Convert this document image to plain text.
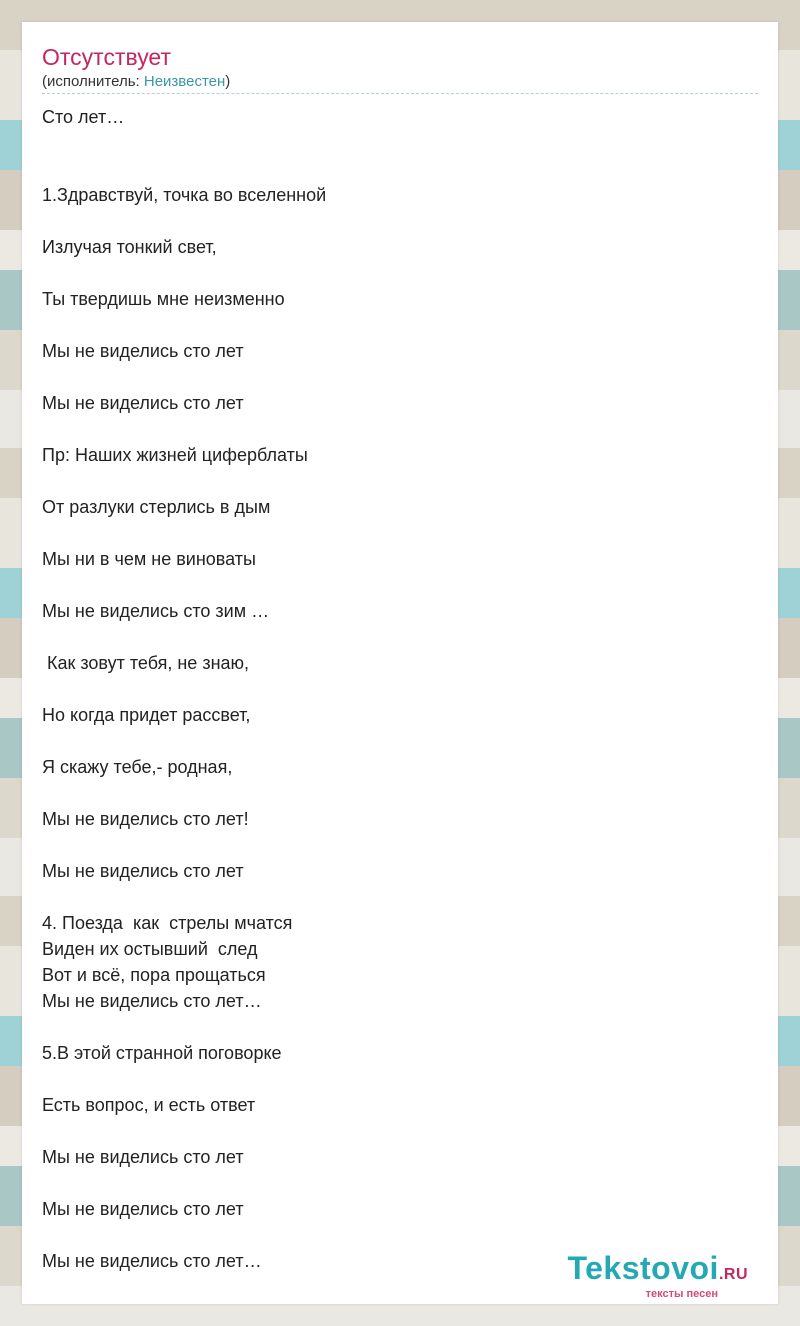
Отсутствует
(исполнитель: Неизвестен)
Сто лет…
1.Здравствуй, точка во вселенной
Излучая тонкий свет,
Ты твердишь мне неизменно
Мы не виделись сто лет
Мы не виделись сто лет
Пр: Наших жизней циферблаты
От разлуки стерлись в дым
Мы ни в чем не виноваты
Мы не виделись сто зим …
Как зовут тебя, не знаю,
Но когда придет рассвет,
Я скажу тебе,- родная,
Мы не виделись сто лет!
Мы не виделись сто лет
4. Поезда  как  стрелы мчатся
Виден их остывший  след
Вот и всё, пора прощаться
Мы не виделись сто лет…
5.В этой странной поговорке
Есть вопрос, и есть ответ
Мы не виделись сто лет
Мы не виделись сто лет
Мы не виделись сто лет…	Tekstovoi.RU
тексты песен
